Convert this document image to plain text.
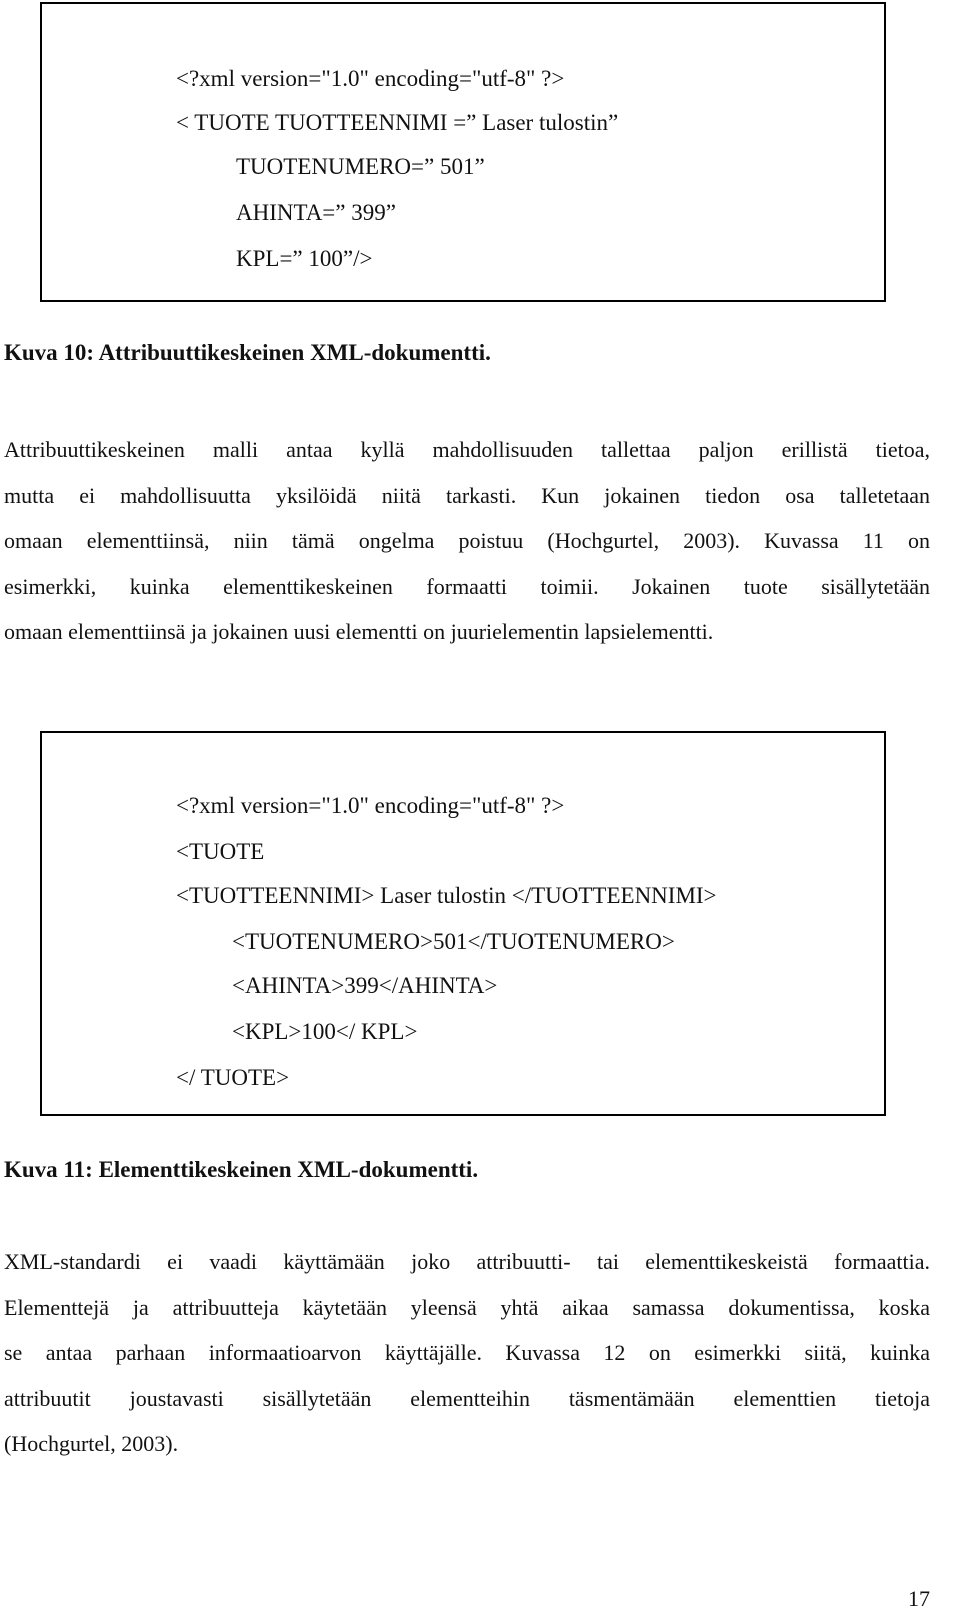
<?xml version="1.0" encoding="utf-8" ?>
< TUOTE TUOTTEENNIMI =” Laser tulostin”
TUOTENUMERO=” 501”
AHINTA=” 399”
KPL=” 100”/>
Kuva 10: Attribuuttikeskeinen XML-dokumentti.
Attribuuttikeskeinen malli antaa kyllä mahdollisuuden tallettaa paljon erillistä tietoa,
mutta ei mahdollisuutta yksilöidä niitä tarkasti. Kun jokainen tiedon osa talletetaan
omaan elementtiinsä, niin tämä ongelma poistuu (Hochgurtel, 2003). Kuvassa 11 on
esimerkki, kuinka elementtikeskeinen formaatti toimii. Jokainen tuote sisällytetään
omaan elementtiinsä ja jokainen uusi elementti on juurielementin lapsielementti.
<?xml version="1.0" encoding="utf-8" ?>
<TUOTE
<TUOTTEENNIMI> Laser tulostin </TUOTTEENNIMI>
<TUOTENUMERO>501</TUOTENUMERO>
<AHINTA>399</AHINTA>
<KPL>100</ KPL>
</ TUOTE>
Kuva 11: Elementtikeskeinen XML-dokumentti.
XML-standardi ei vaadi käyttämään joko attribuutti- tai elementtikeskeistä formaattia.
Elementtejä ja attribuutteja käytetään yleensä yhtä aikaa samassa dokumentissa, koska
se antaa parhaan informaatioarvon käyttäjälle. Kuvassa 12 on esimerkki siitä, kuinka
attribuutit joustavasti sisällytetään elementteihin täsmentämään elementtien tietoja
(Hochgurtel, 2003).
17
